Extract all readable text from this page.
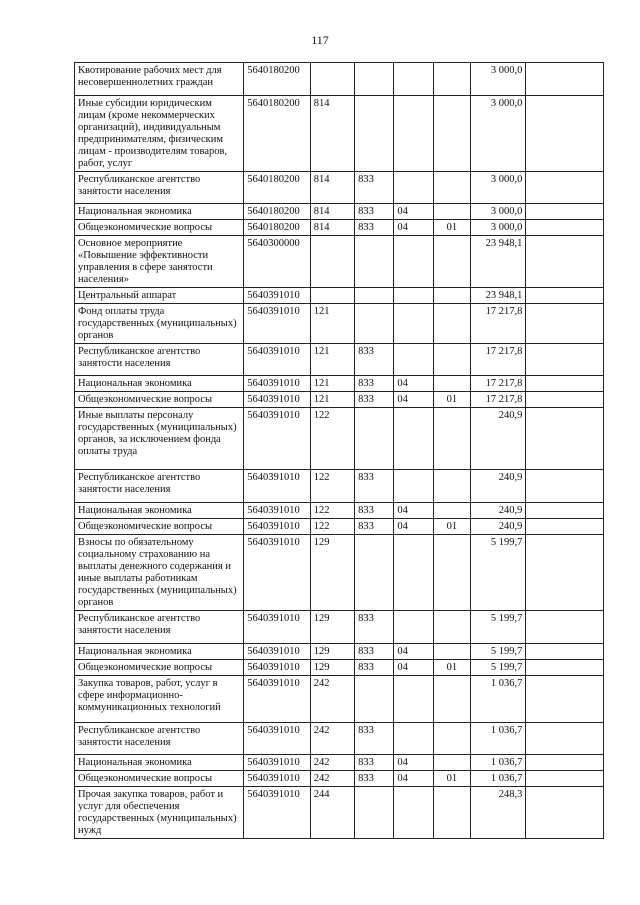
117
Квотирование рабочих мест для несовершеннолетних граждан	5640180200					3 000,0	
Иные субсидии юридическим лицам (кроме некоммерческих организаций), индивидуальным предпринимателям, физическим лицам - производителям товаров, работ, услуг	5640180200	814				3 000,0	
Республиканское агентство занятости населения	5640180200	814	833			3 000,0	
Национальная экономика	5640180200	814	833	04		3 000,0	
Общеэкономические вопросы	5640180200	814	833	04	01	3 000,0	
Основное мероприятие «Повышение эффективности управления в сфере занятости населения»	5640300000					23 948,1	
Центральный аппарат	5640391010					23 948,1	
Фонд оплаты труда государственных (муниципальных) органов	5640391010	121				17 217,8	
Республиканское агентство занятости населения	5640391010	121	833			17 217,8	
Национальная экономика	5640391010	121	833	04		17 217,8	
Общеэкономические вопросы	5640391010	121	833	04	01	17 217,8	
Иные выплаты персоналу государственных (муниципальных) органов, за исключением фонда оплаты труда	5640391010	122				240,9	
Республиканское агентство занятости населения	5640391010	122	833			240,9	
Национальная экономика	5640391010	122	833	04		240,9	
Общеэкономические вопросы	5640391010	122	833	04	01	240,9	
Взносы по обязательному социальному страхованию на выплаты денежного содержания и иные выплаты работникам государственных (муниципальных) органов	5640391010	129				5 199,7	
Республиканское агентство занятости населения	5640391010	129	833			5 199,7	
Национальная экономика	5640391010	129	833	04		5 199,7	
Общеэкономические вопросы	5640391010	129	833	04	01	5 199,7	
Закупка товаров, работ, услуг в сфере информационно-коммуникационных технологий	5640391010	242				1 036,7	
Республиканское агентство занятости населения	5640391010	242	833			1 036,7	
Национальная экономика	5640391010	242	833	04		1 036,7	
Общеэкономические вопросы	5640391010	242	833	04	01	1 036,7	
Прочая закупка товаров, работ и услуг для обеспечения государственных (муниципальных) нужд	5640391010	244				248,3	
